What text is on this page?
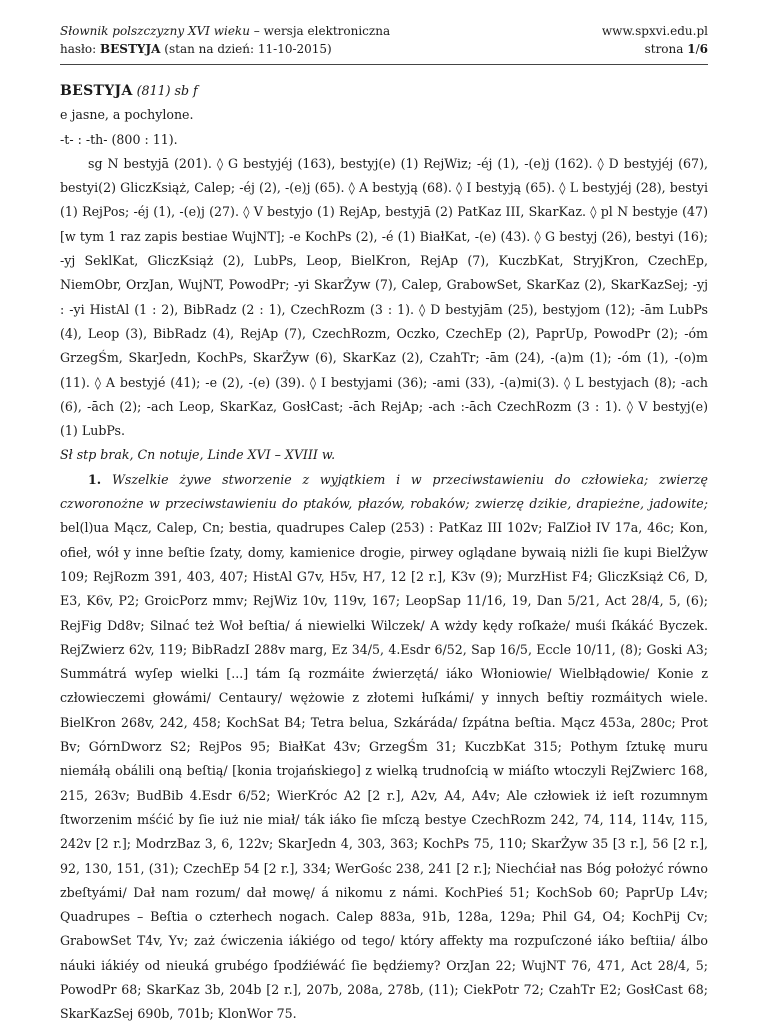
Słownik polszczyzny XVI wieku – wersja elektroniczna
hasło: BESTYJA (stan na dzień: 11-10-2015)
www.spxvi.edu.pl
strona 1/6

BESTYJA (811) sb f

e jasne, a pochylone.

-t- : -th- (800 : 11).

sg N bestyjā (201). ◊ G bestyjéj (163), bestyj(e) (1) RejWiz; -éj (1), -(e)j (162). ◊ D bestyjéj (67), bestyi(2) GliczKsiąż, Calep; -éj (2), -(e)j (65). ◊ A bestyją (68). ◊ I bestyją (65). ◊ L bestyjéj (28), bestyi (1) RejPos; -éj (1), -(e)j (27). ◊ V bestyjo (1) RejAp, bestyjā (2) PatKaz III, SkarKaz. ◊ pl N bestyje (47) [w tym 1 raz zapis bestiae WujNT]; -e KochPs (2), -é (1) BiałKat, -(e) (43). ◊ G bestyj (26), bestyi (16); -yj SeklKat, GliczKsiąż (2), LubPs, Leop, BielKron, RejAp (7), KuczbKat, StryjKron, CzechEp, NiemObr, OrzJan, WujNT, PowodPr; -yi SkarŻyw (7), Calep, GrabowSet, SkarKaz (2), SkarKazSej; -yj : -yi HistAl (1 : 2), BibRadz (2 : 1), CzechRozm (3 : 1). ◊ D bestyjām (25), bestyjom (12); -ām LubPs (4), Leop (3), BibRadz (4), RejAp (7), CzechRozm, Oczko, CzechEp (2), PaprUp, PowodPr (2); -óm GrzegŚm, SkarJedn, KochPs, SkarŻyw (6), SkarKaz (2), CzahTr; -ām (24), -(a)m (1); -óm (1), -(o)m (11). ◊ A bestyjé (41); -e (2), -(e) (39). ◊ I bestyjami (36); -ami (33), -(a)mi(3). ◊ L bestyjach (8); -ach (6), -āch (2); -ach Leop, SkarKaz, GosłCast; -āch RejAp; -ach :-āch CzechRozm (3 : 1). ◊ V bestyj(e) (1) LubPs.

Sł stp brak, Cn notuje, Linde XVI – XVIII w.

1. Wszelkie żywe stworzenie z wyjątkiem i w przeciwstawieniu do człowieka; zwierzę czworonożne w przeciwstawieniu do ptaków, płazów, robaków; zwierzę dzikie, drapieżne, jadowite; bel(l)ua Mącz, Calep, Cn; bestia, quadrupes Calep (253) : PatKaz III 102v; FalZioł IV 17a, 46c; Kon, ofieł, wół y inne beſtie ſzaty, domy, kamienice drogie, pirwey oglądane bywaią niżli ſie kupi BielŻyw 109; RejRozm 391, 403, 407; HistAl G7v, H5v, H7, 12 [2 r.], K3v (9); MurzHist F4; GliczKsiąż C6, D, E3, K6v, P2; GroicPorz mmv; RejWiz 10v, 119v, 167; LeopSap 11/16, 19, Dan 5/21, Act 28/4, 5, (6); RejFig Dd8v; Silnać też Woł beſtia/ á niewielki Wilczek/ A wżdy kędy roſkaże/ muśi ſkákáć Byczek. RejZwierz 62v, 119; BibRadzI 288v marg, Ez 34/5, 4.Esdr 6/52, Sap 16/5, Eccle 10/11, (8); Goski A3; Summátrá wyſep wielki [...] tám ſą rozmáite źwierzętá/ iáko Włoniowie/ Wielbłądowie/ Konie z człowieczemi głowámi/ Centaury/ wężowie z złotemi łuſkámi/ y innych beſtiy rozmáitych wiele. BielKron 268v, 242, 458; KochSat B4; Tetra belua, Szkáráda/ ſzpátna beſtia. Mącz 453a, 280c; Prot Bv; GórnDworz S2; RejPos 95; BiałKat 43v; GrzegŚm 31; KuczbKat 315; Pothym ſztukę muru niemáłą obálili oną beſtią/ [konia trojańskiego] z wielką trudnoſcią w miáſto wtoczyli RejZwierc 168, 215, 263v; BudBib 4.Esdr 6/52; WierKróc A2 [2 r.], A2v, A4, A4v; Ale człowiek iż ieſt rozumnym ſtworzenim mśćić by ſie iuż nie miał/ ták iáko ſie mſczą bestye CzechRozm 242, 74, 114, 114v, 115, 242v [2 r.]; ModrzBaz 3, 6, 122v; SkarJedn 4, 303, 363; KochPs 75, 110; SkarŻyw 35 [3 r.], 56 [2 r.], 92, 130, 151, (31); CzechEp 54 [2 r.], 334; WerGośc 238, 241 [2 r.]; Niechćiał nas Bóg położyć równo zbeſtyámi/ Dał nam rozum/ dał mowę/ á nikomu z námi. KochPieś 51; KochSob 60; PaprUp L4v; Quadrupes – Beſtia o czterhech nogach. Calep 883a, 91b, 128a, 129a; Phil G4, O4; KochPij Cv; GrabowSet T4v, Yv; zaż ćwiczenia iákiégo od tego/ który affekty ma rozpuſczoné iáko beſtiia/ álbo náuki iákiéy od nieuká grubégo ſpodźiéwáć ſie będźiemy? OrzJan 22; WujNT 76, 471, Act 28/4, 5; PowodPr 68; SkarKaz 3b, 204b [2 r.], 207b, 208a, 278b, (11); CiekPotr 72; CzahTr E2; GosłCast 68; SkarKazSej 690b, 701b; KlonWor 75.
